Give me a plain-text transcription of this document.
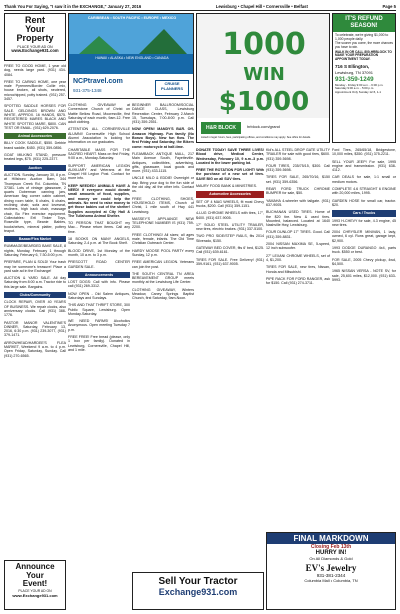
Thank You For Saying, "I saw it in the EXCHANGE," January 27, 2016	Lewisburg • Chapel Hill • Cornersville • Belfast	Page 5
Rent
Your
Property
PLACE YOUR AD ON
www.Exchange931.com

FREE TO GOOD HOME, 1 year old dog, needs large yard. (931) 434-4084.

FREE TO CARING HOME, one year male Pyrenees/Border Collie mix, house broken, all shots, neutered, microchipped, potty trained. (931) 257-3457.

SPOTTED SADDLE HORSES FOR SALE. GELDINGS BROWN AND WHITE, APPROX. 16 HANDS, $575. REGISTERED MARES BLACK AND WHITE SPOTTED MARE, $800. CAN TEST OR EMAIL. (931) 629-2076.

Animal Accessories

BILLY COOK SADDLE, $550. Debbie brand saddle, $450. (931) 359-0856.

GOAT MILKING STAND, pressure treated legs, $75. (931) 225-2377.

Auction

AUCTION. Sunday, January 30, 8 p.m. at Hillsboro Auction Barn, 344 Thompson Creek Rd. Columbia, TN 37381. Lots of vintage glassware, 2 quarts Doberman canning jars, American flag corner cabin cabinet, dining room table, 6 chairs, 6 chairs, reclining chair, sofa and loveseat, recliners, high back chair, massage chair, Bo Flex exercise equipment. Collectables: Ertl Tinker Toys, Roseville type, Beanie Babies, bookshelves, mineral platter, pottery teapot.

Bazaar/Flea Market

RUMMAGE/BEARDED BAKE SALE, 8 nights, Monday, February 1 through Saturday, February 6, 7:30-5:00 p.m.

PREPARE, PLAN & SOLD! Your trash may be someone's treasure! Place a yard sale ad in the Exchange!

AUCTION & YARD SALE. All day Saturday from 8:00 a.m. Tractor ride to this large sale. Bargains.

Clubs/Community

CLOCK REPAIR, OVER 40 YEARS OF BUSINESS. We repair clocks, also anniversary clocks. Call (931) 388-1776.

PASTOR MANOR VALENTINE'S DINNER, Saturday, February 13, 2016, 6:30 p.m. (931) 239-3077, (931) 379-1471.

ARROWHEAD/HARDEE'S FLEA MARKET, Weekend 9 a.m. to 4 p.m. Open Friday, Saturday, Sunday. Call (931) 270-6565.

Announce
Your
Event!
PLACE YOUR AD ON
www.Exchange931.com
CARIBBEAN • SOUTH PACIFIC • EUROPE • MEXICO
HAWAII • ALASKA • NEW ENGLAND • CANADA
NCPtravel.com
931-375-1348
CRUISE PLANNERS

CLOTHING GIVEAWAY at Cornerstone Church of Christ on Mattie Bellow Road, Mooresville, first Saturday of each month, 9am-12. Free adult clothing.

ATTENTION ALL CORNERSVILLE ALUMNI! Cornersville High School Alumni Association is looking for information on our graduates.

CHARITABLE MASS FOR THE SACRED HEART. Mass on first Friday, 9:00 a.m., Monday-Saturday.

SUPPORT AMERICAN LEGION AUXILIARY and Veterans at the Chapel Hill Legion Post. Contact for more info.

KEEP NEEDED! ANIMALS HAVE A NEED! If everyone would donate small amounts of food, supplies, and money we could help the animals. No need to raise money to get those babies out of the shelter! Supplies accepted at City Hall & The Tullahoma Animal Shelter.

TO PERSON THAT BOUGHT my Mac... Please return items. Call any time.

18 BOOKS ON MANY ANGELS, Saturday, 2-4 p.m. at The Book Shelf.

BLOOD DRIVE, 1st Monday of the month, 10 a.m. to 3 p.m.

PRESCOTT ROAD CENTER GARDEN SALE.

Announcements

LOST DOGS: Call with info. Please call (931) 269-3312.

NOW OPEN - Old Salem Antiques, Saturdays and Sundays.

THIS AND THAT THRIFT STORE, 300 Public Square, Lewisburg. Open Monday-Saturday.

WE NEED FARMS! Alcoholics Anonymous. Open meeting Tuesday 7 p.m.

FREE FREE! Free bread (please, only 1 box per family). Donated in Lewisburg, Cornersville, Chapel Hill, and 1 mile.

BEGINNER BALLROOM/SOCIAL DANCE CLASS, Lewisburg Recreation Center, February 2-March 15, Tuesdays, 7:00-8:00 p.m. Call (931) 359-2551.

NOW OPEN! MANDY'S BAR. Off-Amazon Highway. Fun family (No Bonzo Boys). New fun flow. The first Friday and Saturday, the Bikers come: motorcycle at half-time.

FLEAMBACK ANTIQUE MALL, 217 Main Avenue South, Fayetteville. Antiques, collectibles, advertising, gifts, glassware, local goods and more. (931) 433-1115.

UNCLE MILO & EDDIE! Overnight or day. Bring your dog to the fun side of the old day, all the other info. Contact us.

FREE CLOTHING, SHOES, HOUSEHOLD ITEMS, Church of Christ, 1 mile south of Hwy 441 Lewisburg.

MASSEY'S APPLIANCE NEW TELEPHONE NUMBER IS (931) 759-2200.

FREE CLOTHING! All sizes; all ages male, female, infants. The Old Time Christian Outreach Center.

HARDY MOOSE POOL PARTY every Sunday, 12 p.m.

FREE AMERICAN LEGION. Veterans can join the post.

THE SOUTH CENTRAL TN AREA BEREAVEMENT GROUP meets monthly at the Lewisburg Life Center.

CLOTHING GIVEAWAY, Winters Meadow, Caney Springs Baptist Church, first Saturday, 9am-Noon.

Sell Your Tractor
Exchange931.com
1000
WIN
$1000
H&R BLOCK	hrblock.com/grand
Listed in legal: hours, fees, participating offices, and conditions may apply. See office for details.

DONATE TODAY! SAVE THREE LIVES! Blood drive, Medical Center, Wednesday, February 10, 9 a.m.-3 p.m. Located in the lower parking lot.

FREE THE ROTATION FOR LIGHT! With the purchase of a new set of tires. SAVE BIG on all SUV tires.

MAURY FOOD BANK & MINISTRIES.

Automotive Accessories

SET OF 4 MAG WHEELS, fit most Chevy trucks, $200. Call (931) 359-1151.

4-LUG CHROME WHEELS with tires, 17", $400. (931) 637-9005.

17" SOLID STEEL UTILITY TRAILER, new tires, electric brakes. (931) 337-5100.

TWO PRO SIDE/STEP RAILS, fits 2014 Silverado, $150.

GATEWAY BED COVER, fits 6' bed, $125. Call (931) 639-6161.

TIRES FOR SALE. Free Delivery! (931) 359-9161, (931) 637-9005.

Kid's ALL STEEL DROP GATE UTILITY TRAILER for sale with good tires, $600. (931) 359-5698.

FOUR TIRES, 235/75/15, $300. Call (931) 359-5698.

TIRES FOR SALE, 265/70/16, $150 set. (931) 359-6356.

REAR FORD TRUCK CHROME BUMPER for sale, $50.

YAMAHA 4-wheeler with tailgate. (931) 637-9005.

BUCHANAN USED TIRES. Home of the $20 tire. New & used tires. Mounted, balanced. Located at 1640 Nashville Hwy, Lewisburg.

FOUR DUNLOP 17" TIRES. Good. Call (931) 359-8831.

2004 NISSAN MAXIMA SE, 5-speed, 12 inch subwoofer.

27" LEXANI CHROME WHEELS, set of 4, $1,200.

TIRES FOR SALE, new tires, Nissan, Honda and Mitsubishi.

PIPE RACK FOR FORD RANGER, ask for $150. Call (931) 274-3711.

IT'S REFUND
SEASON!
To celebrate, we're giving $1,000 to 1,000 people daily.
The sooner you come, the more chances you have to win.
WALK IN OR CALL 800-HRBLOCK TO MAKE YOUR PREPARATION APPOINTMENT TODAY.
716 S Ellington,
Lewisburg, TN 37091
931-359-1249
Monday - Friday 9:00 a.m. - 6:00 p.m.
Saturday 9:00 a.m. - 5:00 p.m.
Appointment Only Sunday 12-5, 1-1

Ford Tires, 265/65/18, Bridgestone, 10,000 miles, $350. (931) 375-2211.

SELL YOUR JEEP! For sale, 1995 engine and transmission. (931) 638-4112.

CAR DEALS for sale, 1:1 small or medium motors.

COMPLETE 4.6 STRAIGHT 6 ENGINE with 20,000 miles, 1995.

GARDEN HOSE for small car, tractor. $20.

Cars / Trucks

1993 H-CHEVY for sale, 4.3 engine, 45 new tires.

2004 CHRYSLER MINIVAN, 1 lady, owned, 6 cyl. Runs great, garage kept, $2,900.

1993 DODGE DURANGO 4x4, parts truck. $550 or best.

FOR SALE, 2005 Chevy pickup, 4wd, $4,500.

1965 NISSAN VERSA - NOTE SV, for sale, 25,601 miles, $12,000. (931) 633-5993.

FINAL MARKDOWN
Closing Feb 13th
HURRY IN!
On All Diamonds & Gold
EV's Jewelry
931-381-2344
Columbia Mall • Columbia, TN
